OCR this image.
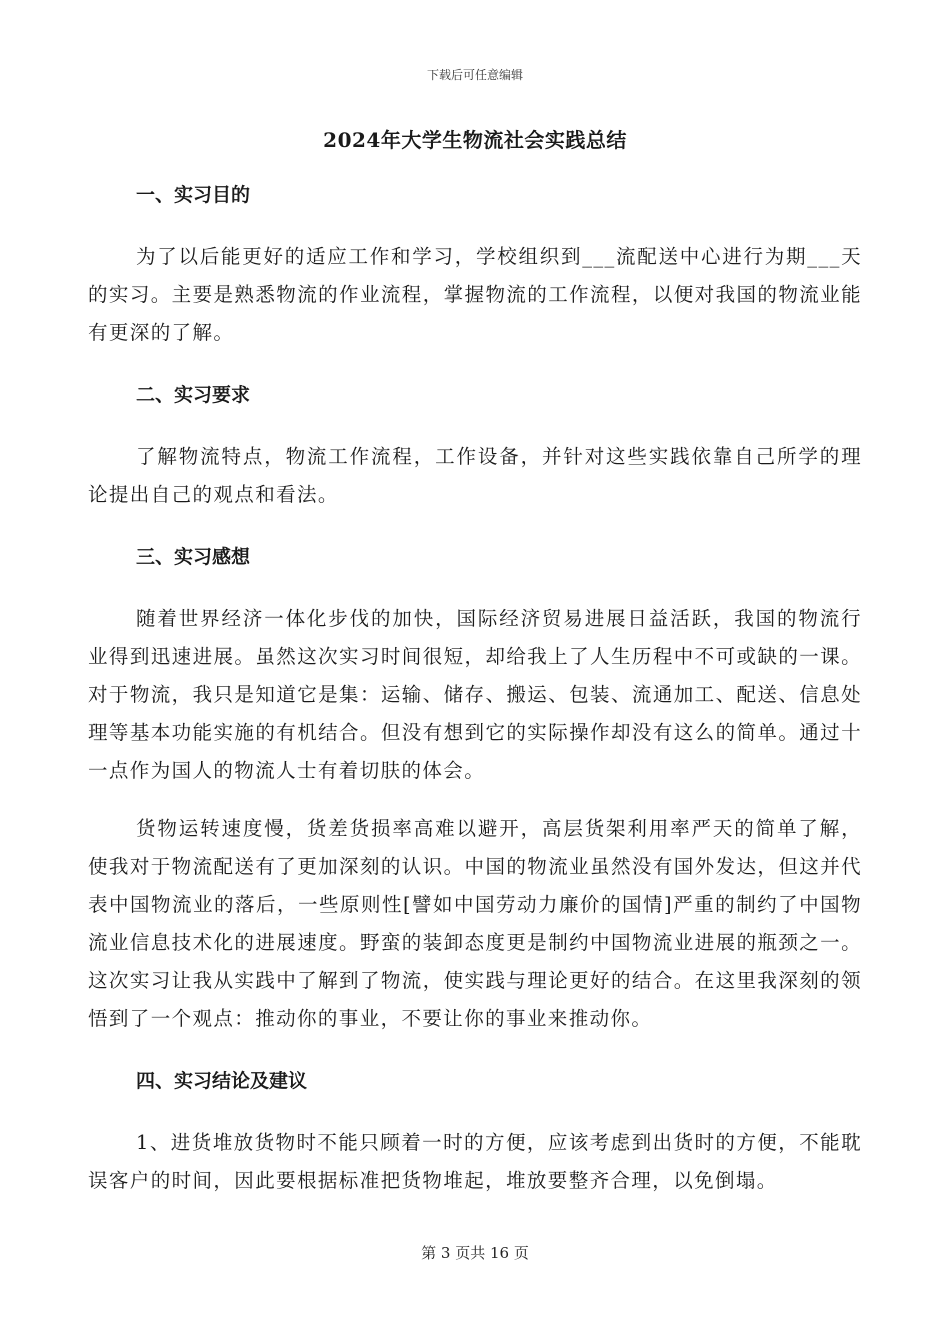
下载后可任意编辑
2024年大学生物流社会实践总结
一、实习目的

为了以后能更好的适应工作和学习，学校组织到___流配送中心进行为期___天的实习。主要是熟悉物流的作业流程，掌握物流的工作流程，以便对我国的物流业能有更深的了解。

二、实习要求

了解物流特点，物流工作流程，工作设备，并针对这些实践依靠自己所学的理论提出自己的观点和看法。

三、实习感想

随着世界经济一体化步伐的加快，国际经济贸易进展日益活跃，我国的物流行业得到迅速进展。虽然这次实习时间很短，却给我上了人生历程中不可或缺的一课。对于物流，我只是知道它是集：运输、储存、搬运、包装、流通加工、配送、信息处理等基本功能实施的有机结合。但没有想到它的实际操作却没有这么的简单。通过十一点作为国人的物流人士有着切肤的体会。

货物运转速度慢，货差货损率高难以避开，高层货架利用率严天的简单了解，使我对于物流配送有了更加深刻的认识。中国的物流业虽然没有国外发达，但这并代表中国物流业的落后，一些原则性[譬如中国劳动力廉价的国情]严重的制约了中国物流业信息技术化的进展速度。野蛮的装卸态度更是制约中国物流业进展的瓶颈之一。这次实习让我从实践中了解到了物流，使实践与理论更好的结合。在这里我深刻的领悟到了一个观点：推动你的事业，不要让你的事业来推动你。

四、实习结论及建议

1、进货堆放货物时不能只顾着一时的方便，应该考虑到出货时的方便，不能耽误客户的时间，因此要根据标准把货物堆起，堆放要整齐合理，以免倒塌。

第 3 页共 16 页
